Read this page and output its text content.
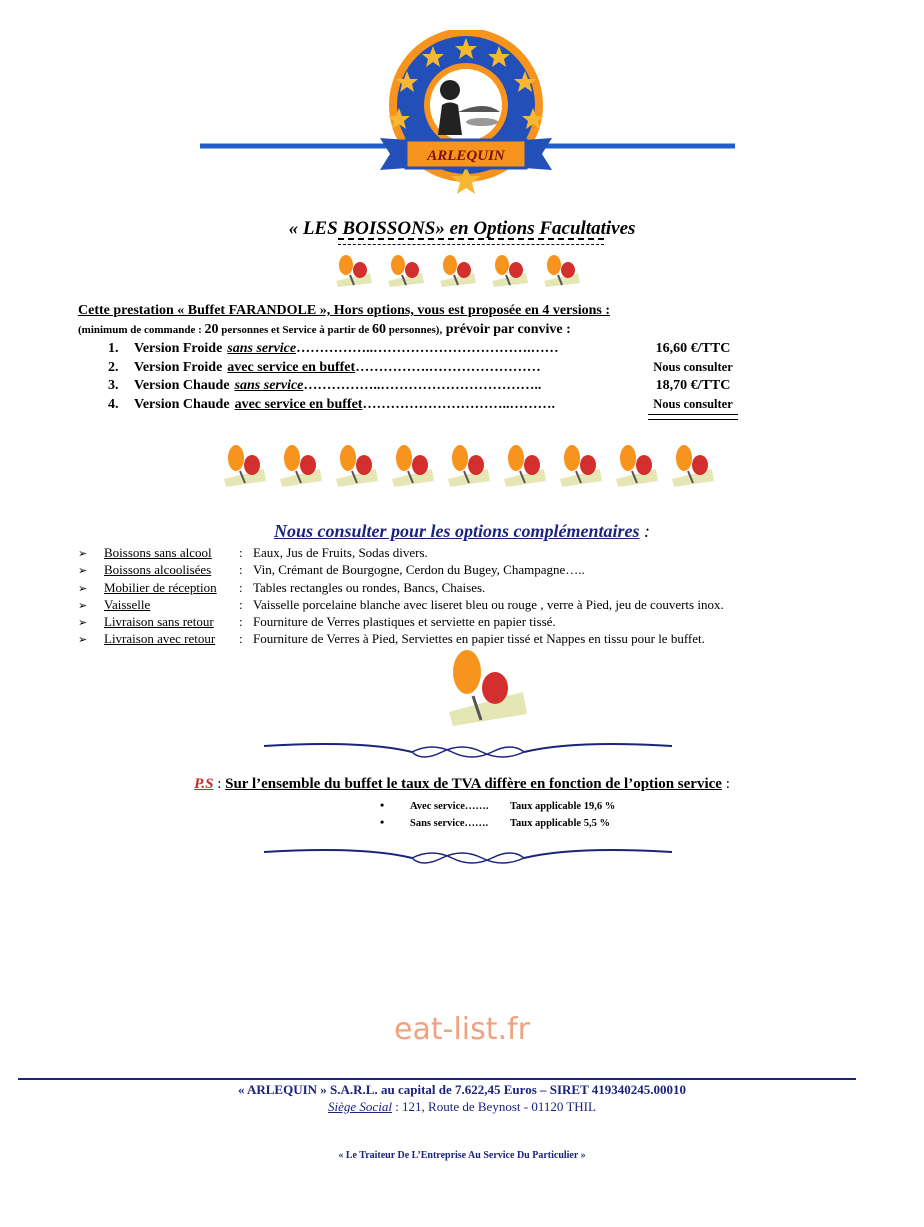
ARLEQUIN
« LES BOISSONS» en Options Facultatives
Cette prestation « Buffet FARANDOLE », Hors options, vous est proposée en 4 versions :
(minimum de commande : 20 personnes et Service à partir de 60 personnes), prévoir par convive :
1.	Version Froide sans service ……………..…………………………….……	16,60 €/TTC
2.	Version Froide avec service en buffet …………….……………………	Nous consulter
3.	Version Chaude sans service ……………..……………………………..	18,70 €/TTC
4.	Version Chaude avec service en buffet …………………………..……….	Nous consulter
Nous consulter pour les options complémentaires :
➢	Boissons sans alcool	: Eaux, Jus de Fruits, Sodas divers.
➢	Boissons alcoolisées	: Vin, Crémant de Bourgogne, Cerdon du Bugey, Champagne…..
➢	Mobilier de réception	: Tables rectangles ou rondes, Bancs, Chaises.
➢	Vaisselle	: Vaisselle porcelaine blanche avec liseret bleu ou rouge , verre à Pied, jeu de couverts inox.
➢	Livraison sans retour	: Fourniture de Verres plastiques et serviette en papier tissé.
➢	Livraison avec retour	: Fourniture de Verres à Pied, Serviettes en papier tissé et Nappes en tissu pour le buffet.
P.S : Sur l’ensemble du buffet le taux de TVA diffère en fonction de l’option service :
•	Avec service…….	Taux applicable 19,6 %
•	Sans service…….	Taux applicable 5,5 %
eat-list.fr
« ARLEQUIN » S.A.R.L. au capital de 7.622,45 Euros – SIRET 419340245.00010
Siège Social : 121, Route de Beynost - 01120 THIL
« Le Traiteur De L’Entreprise Au Service Du Particulier »
